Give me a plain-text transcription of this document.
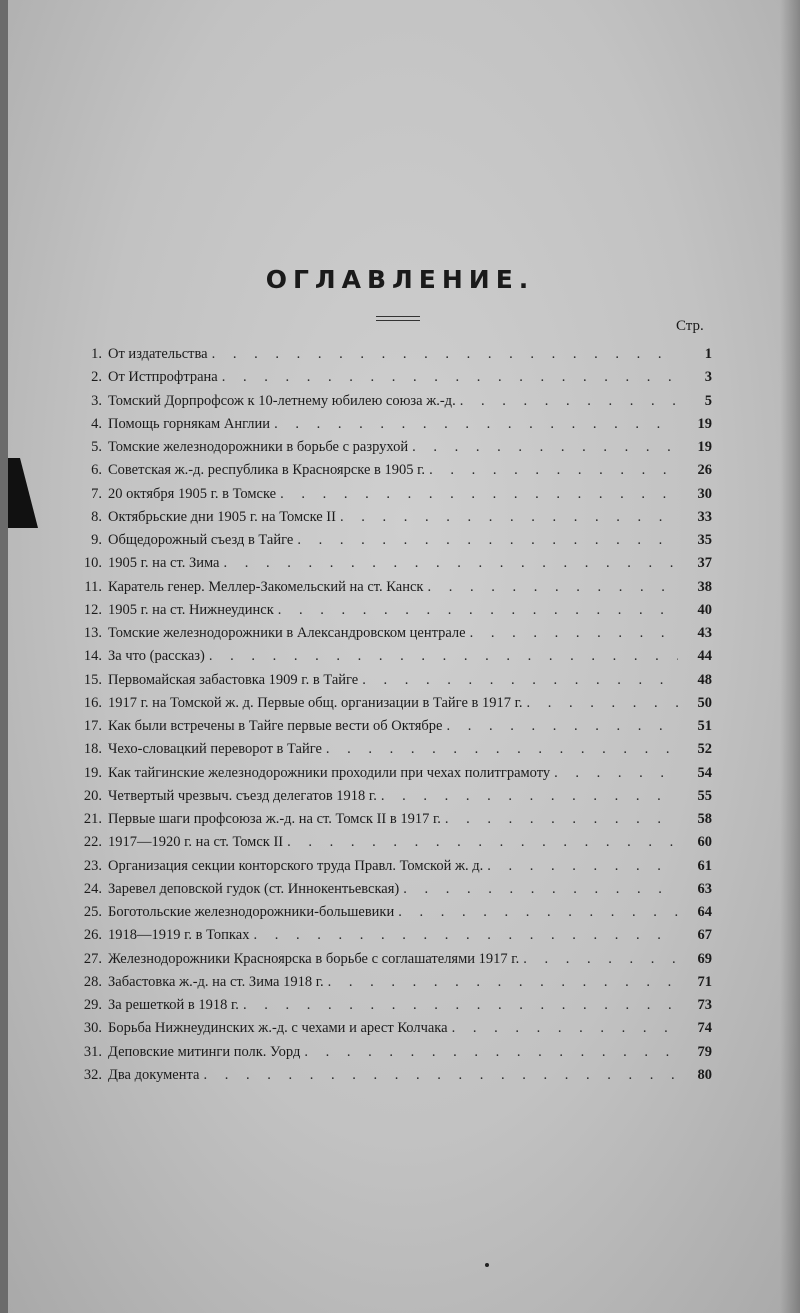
ОГЛАВЛЕНИЕ.
Стр.
1. От издательства . . .	1
2. От Истпрофтрана . . .	3
3. Томский Дорпрофсож к 10-летнему юбилею союза ж.-д. . . .	5
4. Помощь горнякам Англии . . .	19
5. Томские железнодорожники в борьбе с разрухой . . .	19
6. Советская ж.-д. республика в Красноярске в 1905 г. . . .	26
7. 20 октября 1905 г. в Томске . . .	30
8. Октябрьские дни 1905 г. на Томске II . . .	33
9. Общедорожный съезд в Тайге . . .	35
10. 1905 г. на ст. Зима . . .	37
11. Каратель генер. Меллер-Закомельский на ст. Канск . . .	38
12. 1905 г. на ст. Нижнеудинск . . .	40
13. Томские железнодорожники в Александровском централе . . .	43
14. За что (рассказ) . . .	44
15. Первомайская забастовка 1909 г. в Тайге . . .	48
16. 1917 г. на Томской ж. д. Первые общ. организации в Тайге в 1917 г. . . .	50
17. Как были встречены в Тайге первые вести об Октябре . . .	51
18. Чехо-словацкий переворот в Тайге . . .	52
19. Как тайгинские железнодорожники проходили при чехах политграмоту . . .	54
20. Четвертый чрезвыч. съезд делегатов 1918 г. . . .	55
21. Первые шаги профсоюза ж.-д. на ст. Томск II в 1917 г. . . .	58
22. 1917—1920 г. на ст. Томск II . . .	60
23. Организация секции конторского труда Правл. Томской ж. д. . . .	61
24. Заревел деповской гудок (ст. Иннокентьевская) . . .	63
25. Боготольские железнодорожники-большевики . . .	64
26. 1918—1919 г. в Топках . . .	67
27. Железнодорожники Красноярска в борьбе с соглашателями 1917 г. . . .	69
28. Забастовка ж.-д. на ст. Зима 1918 г. . . .	71
29. За решеткой в 1918 г. . . .	73
30. Борьба Нижнеудинских ж.-д. с чехами и арест Колчака . . .	74
31. Деповские митинги полк. Уорд . . .	79
32. Два документа . . .	80
